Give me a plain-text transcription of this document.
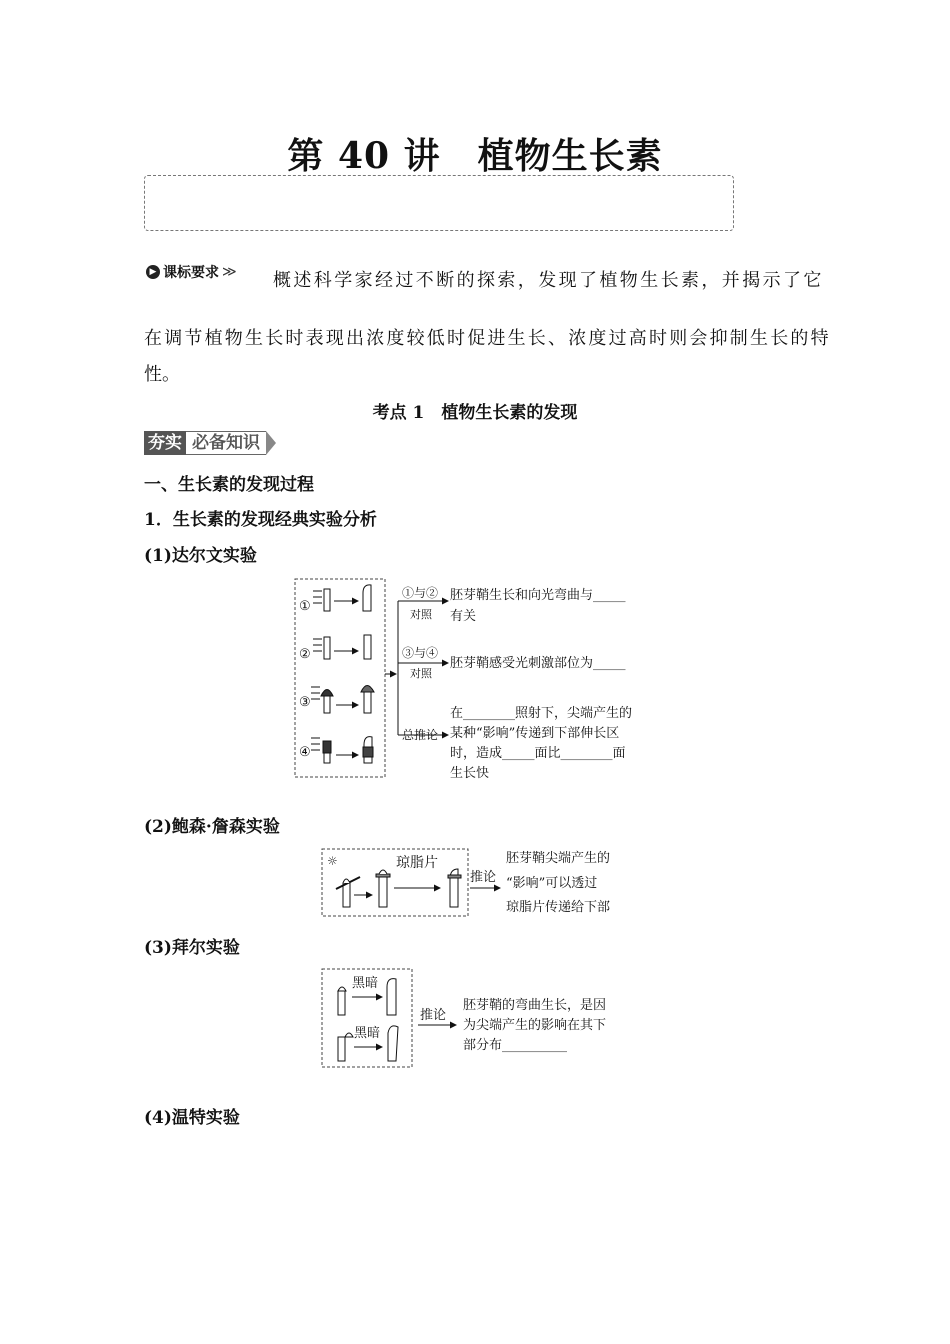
第 40 讲　植物生长素
▶ 课标要求 ≫ 概述科学家经过不断的探索，发现了植物生长素，并揭示了它
在调节植物生长时表现出浓度较低时促进生长、浓度过高时则会抑制生长的特
性。
考点 1　植物生长素的发现
夯实 必备知识
一、生长素的发现过程
1．生长素的发现经典实验分析
(1)达尔文实验
①
②
③
④
①与②
对照
胚芽鞘生长和向光弯曲与_____
有关
③与④
对照
胚芽鞘感受光刺激部位为_____
总推论
在________照射下，尖端产生的
某种“影响”传递到下部伸长区
时，造成_____面比________面
生长快
(2)鲍森·詹森实验
☼	琼脂片
推论
胚芽鞘尖端产生的
“影响”可以透过
琼脂片传递给下部
(3)拜尔实验
黑暗
黑暗
推论
胚芽鞘的弯曲生长，是因
为尖端产生的影响在其下
部分布__________
(4)温特实验
